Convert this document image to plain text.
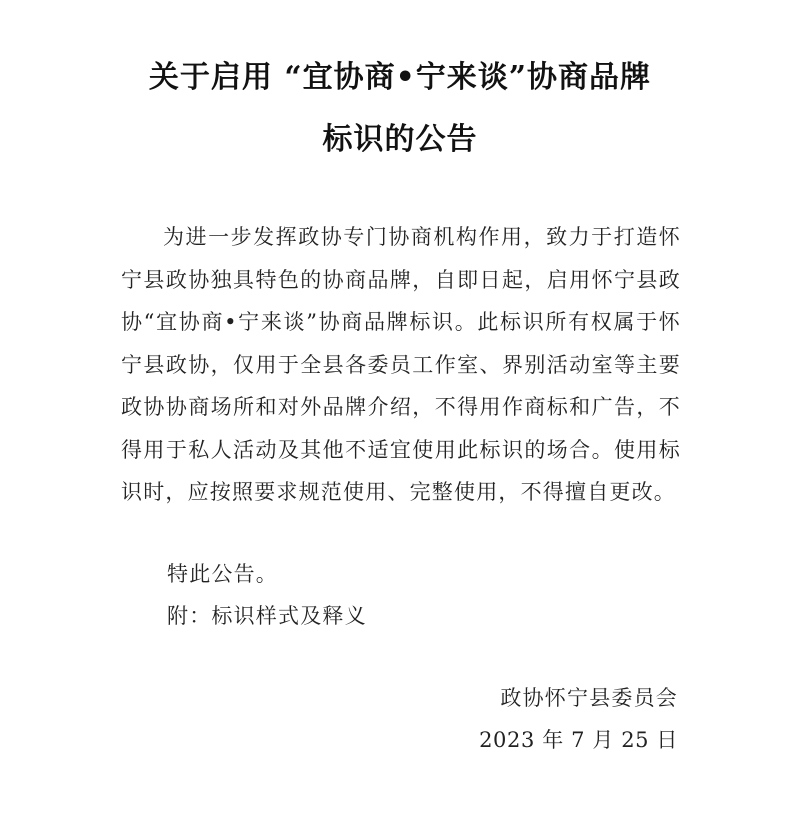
关于启用 “宜协商•宁来谈”协商品牌
标识的公告

为进一步发挥政协专门协商机构作用，致力于打造怀宁县政协独具特色的协商品牌，自即日起，启用怀宁县政协“宜协商•宁来谈”协商品牌标识。此标识所有权属于怀宁县政协，仅用于全县各委员工作室、界别活动室等主要政协协商场所和对外品牌介绍，不得用作商标和广告，不得用于私人活动及其他不适宜使用此标识的场合。使用标识时，应按照要求规范使用、完整使用，不得擅自更改。

特此公告。
附：标识样式及释义
政协怀宁县委员会
2023 年 7 月 25 日
